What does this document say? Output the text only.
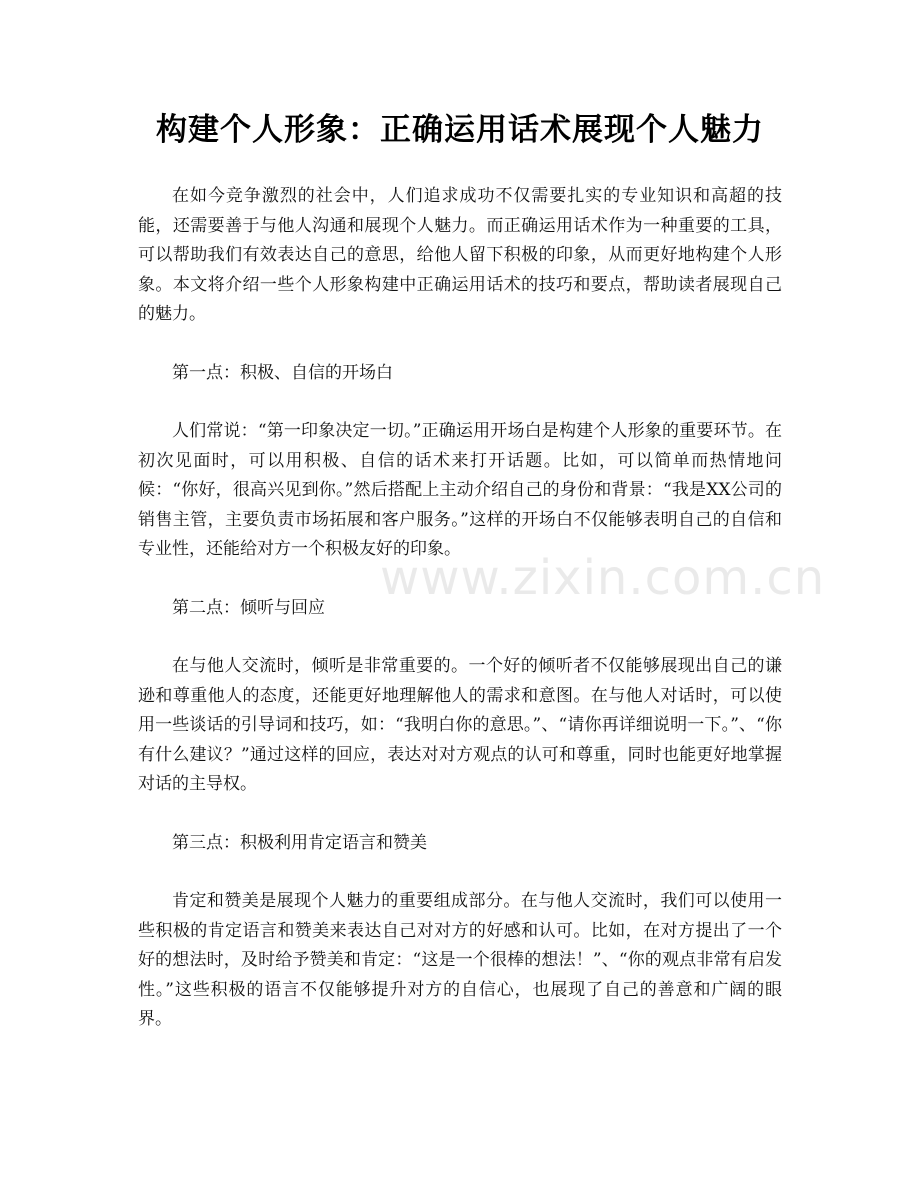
构建个人形象：正确运用话术展现个人魅力

在如今竞争激烈的社会中，人们追求成功不仅需要扎实的专业知识和高超的技能，还需要善于与他人沟通和展现个人魅力。而正确运用话术作为一种重要的工具，可以帮助我们有效表达自己的意思，给他人留下积极的印象，从而更好地构建个人形象。本文将介绍一些个人形象构建中正确运用话术的技巧和要点，帮助读者展现自己的魅力。

第一点：积极、自信的开场白

人们常说：“第一印象决定一切。”正确运用开场白是构建个人形象的重要环节。在初次见面时，可以用积极、自信的话术来打开话题。比如，可以简单而热情地问候：“你好，很高兴见到你。”然后搭配上主动介绍自己的身份和背景：“我是XX公司的销售主管，主要负责市场拓展和客户服务。”这样的开场白不仅能够表明自己的自信和专业性，还能给对方一个积极友好的印象。

第二点：倾听与回应

在与他人交流时，倾听是非常重要的。一个好的倾听者不仅能够展现出自己的谦逊和尊重他人的态度，还能更好地理解他人的需求和意图。在与他人对话时，可以使用一些谈话的引导词和技巧，如：“我明白你的意思。”、“请你再详细说明一下。”、“你有什么建议？”通过这样的回应，表达对对方观点的认可和尊重，同时也能更好地掌握对话的主导权。

第三点：积极利用肯定语言和赞美

肯定和赞美是展现个人魅力的重要组成部分。在与他人交流时，我们可以使用一些积极的肯定语言和赞美来表达自己对对方的好感和认可。比如，在对方提出了一个好的想法时，及时给予赞美和肯定：“这是一个很棒的想法！”、“你的观点非常有启发性。”这些积极的语言不仅能够提升对方的自信心，也展现了自己的善意和广阔的眼界。

www.zixin.com.cn
